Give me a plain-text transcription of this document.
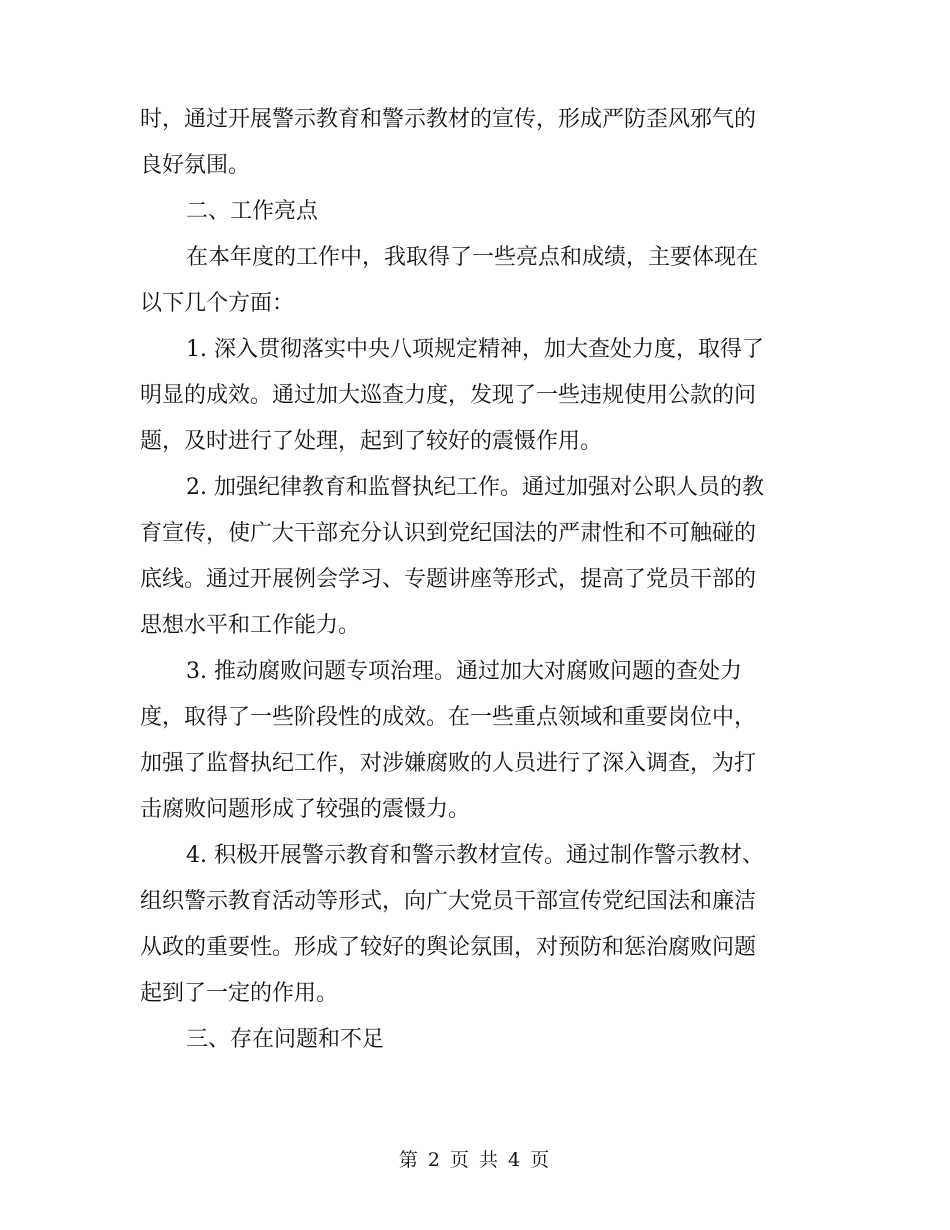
时，通过开展警示教育和警示教材的宣传，形成严防歪风邪气的
良好氛围。
二、工作亮点
在本年度的工作中，我取得了一些亮点和成绩，主要体现在
以下几个方面：
1. 深入贯彻落实中央八项规定精神，加大查处力度，取得了
明显的成效。通过加大巡查力度，发现了一些违规使用公款的问
题，及时进行了处理，起到了较好的震慑作用。
2. 加强纪律教育和监督执纪工作。通过加强对公职人员的教
育宣传，使广大干部充分认识到党纪国法的严肃性和不可触碰的
底线。通过开展例会学习、专题讲座等形式，提高了党员干部的
思想水平和工作能力。
3. 推动腐败问题专项治理。通过加大对腐败问题的查处力
度，取得了一些阶段性的成效。在一些重点领域和重要岗位中，
加强了监督执纪工作，对涉嫌腐败的人员进行了深入调查，为打
击腐败问题形成了较强的震慑力。
4. 积极开展警示教育和警示教材宣传。通过制作警示教材、
组织警示教育活动等形式，向广大党员干部宣传党纪国法和廉洁
从政的重要性。形成了较好的舆论氛围，对预防和惩治腐败问题
起到了一定的作用。
三、存在问题和不足
第 2 页 共 4 页
